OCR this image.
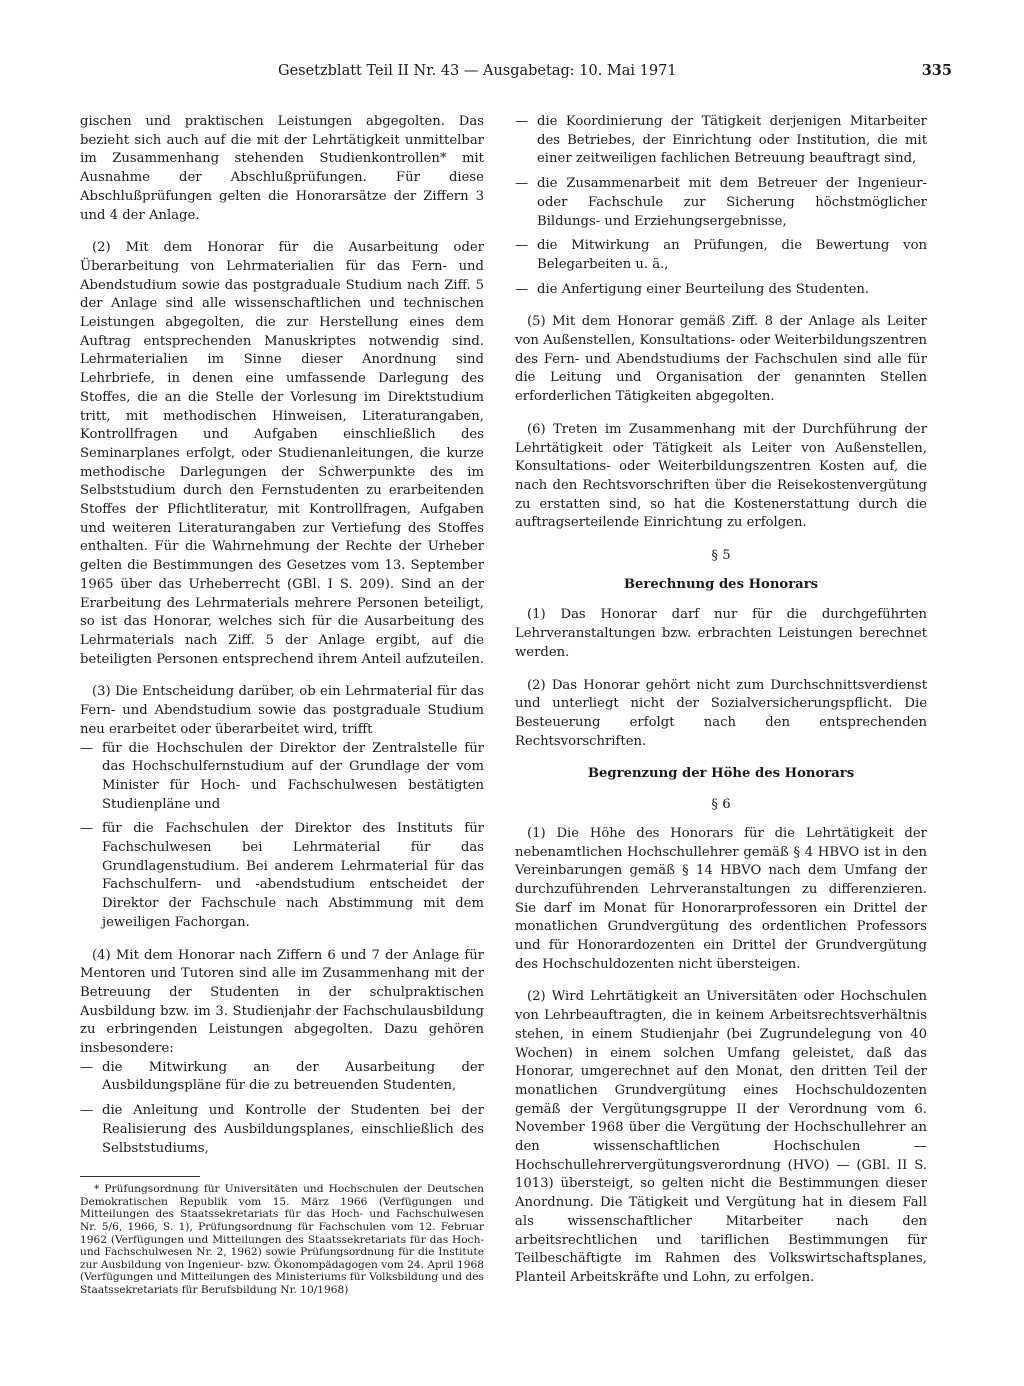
Gesetzblatt Teil II Nr. 43 — Ausgabetag: 10. Mai 1971	335

gischen und praktischen Leistungen abgegolten. Das bezieht sich auch auf die mit der Lehrtätigkeit unmittelbar im Zusammenhang stehenden Studienkontrollen* mit Ausnahme der Abschlußprüfungen. Für diese Abschlußprüfungen gelten die Honorarsätze der Ziffern 3 und 4 der Anlage.

(2) Mit dem Honorar für die Ausarbeitung oder Überarbeitung von Lehrmaterialien für das Fern- und Abendstudium sowie das postgraduale Studium nach Ziff. 5 der Anlage sind alle wissenschaftlichen und technischen Leistungen abgegolten, die zur Herstellung eines dem Auftrag entsprechenden Manuskriptes notwendig sind. Lehrmaterialien im Sinne dieser Anordnung sind Lehrbriefe, in denen eine umfassende Darlegung des Stoffes, die an die Stelle der Vorlesung im Direktstudium tritt, mit methodischen Hinweisen, Literaturangaben, Kontrollfragen und Aufgaben einschließlich des Seminarplanes erfolgt, oder Studienanleitungen, die kurze methodische Darlegungen der Schwerpunkte des im Selbststudium durch den Fernstudenten zu erarbeitenden Stoffes der Pflichtliteratur, mit Kontrollfragen, Aufgaben und weiteren Literaturangaben zur Vertiefung des Stoffes enthalten. Für die Wahrnehmung der Rechte der Urheber gelten die Bestimmungen des Gesetzes vom 13. September 1965 über das Urheberrecht (GBl. I S. 209). Sind an der Erarbeitung des Lehrmaterials mehrere Personen beteiligt, so ist das Honorar, welches sich für die Ausarbeitung des Lehrmaterials nach Ziff. 5 der Anlage ergibt, auf die beteiligten Personen entsprechend ihrem Anteil aufzuteilen.

(3) Die Entscheidung darüber, ob ein Lehrmaterial für das Fern- und Abendstudium sowie das postgraduale Studium neu erarbeitet oder überarbeitet wird, trifft

— für die Hochschulen der Direktor der Zentralstelle für das Hochschulfernstudium auf der Grundlage der vom Minister für Hoch- und Fachschulwesen bestätigten Studienpläne und
— für die Fachschulen der Direktor des Instituts für Fachschulwesen bei Lehrmaterial für das Grundlagenstudium. Bei anderem Lehrmaterial für das Fachschulfern- und -abendstudium entscheidet der Direktor der Fachschule nach Abstimmung mit dem jeweiligen Fachorgan.

(4) Mit dem Honorar nach Ziffern 6 und 7 der Anlage für Mentoren und Tutoren sind alle im Zusammenhang mit der Betreuung der Studenten in der schulpraktischen Ausbildung bzw. im 3. Studienjahr der Fachschulausbildung zu erbringenden Leistungen abgegolten. Dazu gehören insbesondere:

— die Mitwirkung an der Ausarbeitung der Ausbildungspläne für die zu betreuenden Studenten,
— die Anleitung und Kontrolle der Studenten bei der Realisierung des Ausbildungsplanes, einschließlich des Selbststudiums,
* Prüfungsordnung für Universitäten und Hochschulen der Deutschen Demokratischen Republik vom 15. März 1966 (Verfügungen und Mitteilungen des Staatssekretariats für das Hoch- und Fachschulwesen Nr. 5/6, 1966, S. 1), Prüfungsordnung für Fachschulen vom 12. Februar 1962 (Verfügungen und Mitteilungen des Staatssekretariats für das Hoch- und Fachschulwesen Nr. 2, 1962) sowie Prüfungsordnung für die Institute zur Ausbildung von Ingenieur- bzw. Ökonompädagogen vom 24. April 1968 (Verfügungen und Mitteilungen des Ministeriums für Volksbildung und des Staatssekretariats für Berufsbildung Nr. 10/1968)
— die Koordinierung der Tätigkeit derjenigen Mitarbeiter des Betriebes, der Einrichtung oder Institution, die mit einer zeitweiligen fachlichen Betreuung beauftragt sind,
— die Zusammenarbeit mit dem Betreuer der Ingenieur- oder Fachschule zur Sicherung höchstmöglicher Bildungs- und Erziehungsergebnisse,
— die Mitwirkung an Prüfungen, die Bewertung von Belegarbeiten u. ä.,
— die Anfertigung einer Beurteilung des Studenten.

(5) Mit dem Honorar gemäß Ziff. 8 der Anlage als Leiter von Außenstellen, Konsultations- oder Weiterbildungszentren des Fern- und Abendstudiums der Fachschulen sind alle für die Leitung und Organisation der genannten Stellen erforderlichen Tätigkeiten abgegolten.

(6) Treten im Zusammenhang mit der Durchführung der Lehrtätigkeit oder Tätigkeit als Leiter von Außenstellen, Konsultations- oder Weiterbildungszentren Kosten auf, die nach den Rechtsvorschriften über die Reisekostenvergütung zu erstatten sind, so hat die Kostenerstattung durch die auftragserteilende Einrichtung zu erfolgen.

§ 5
Berechnung des Honorars

(1) Das Honorar darf nur für die durchgeführten Lehrveranstaltungen bzw. erbrachten Leistungen berechnet werden.

(2) Das Honorar gehört nicht zum Durchschnittsverdienst und unterliegt nicht der Sozialversicherungspflicht. Die Besteuerung erfolgt nach den entsprechenden Rechtsvorschriften.

Begrenzung der Höhe des Honorars
§ 6

(1) Die Höhe des Honorars für die Lehrtätigkeit der nebenamtlichen Hochschullehrer gemäß § 4 HBVO ist in den Vereinbarungen gemäß § 14 HBVO nach dem Umfang der durchzuführenden Lehrveranstaltungen zu differenzieren. Sie darf im Monat für Honorarprofessoren ein Drittel der monatlichen Grundvergütung des ordentlichen Professors und für Honorardozenten ein Drittel der Grundvergütung des Hochschuldozenten nicht übersteigen.

(2) Wird Lehrtätigkeit an Universitäten oder Hochschulen von Lehrbeauftragten, die in keinem Arbeitsrechtsverhältnis stehen, in einem Studienjahr (bei Zugrundelegung von 40 Wochen) in einem solchen Umfang geleistet, daß das Honorar, umgerechnet auf den Monat, den dritten Teil der monatlichen Grundvergütung eines Hochschuldozenten gemäß der Vergütungsgruppe II der Verordnung vom 6. November 1968 über die Vergütung der Hochschullehrer an den wissenschaftlichen Hochschulen — Hochschullehrervergütungsverordnung (HVO) — (GBl. II S. 1013) übersteigt, so gelten nicht die Bestimmungen dieser Anordnung. Die Tätigkeit und Vergütung hat in diesem Fall als wissenschaftlicher Mitarbeiter nach den arbeitsrechtlichen und tariflichen Bestimmungen für Teilbeschäftigte im Rahmen des Volkswirtschaftsplanes, Planteil Arbeitskräfte und Lohn, zu erfolgen.
